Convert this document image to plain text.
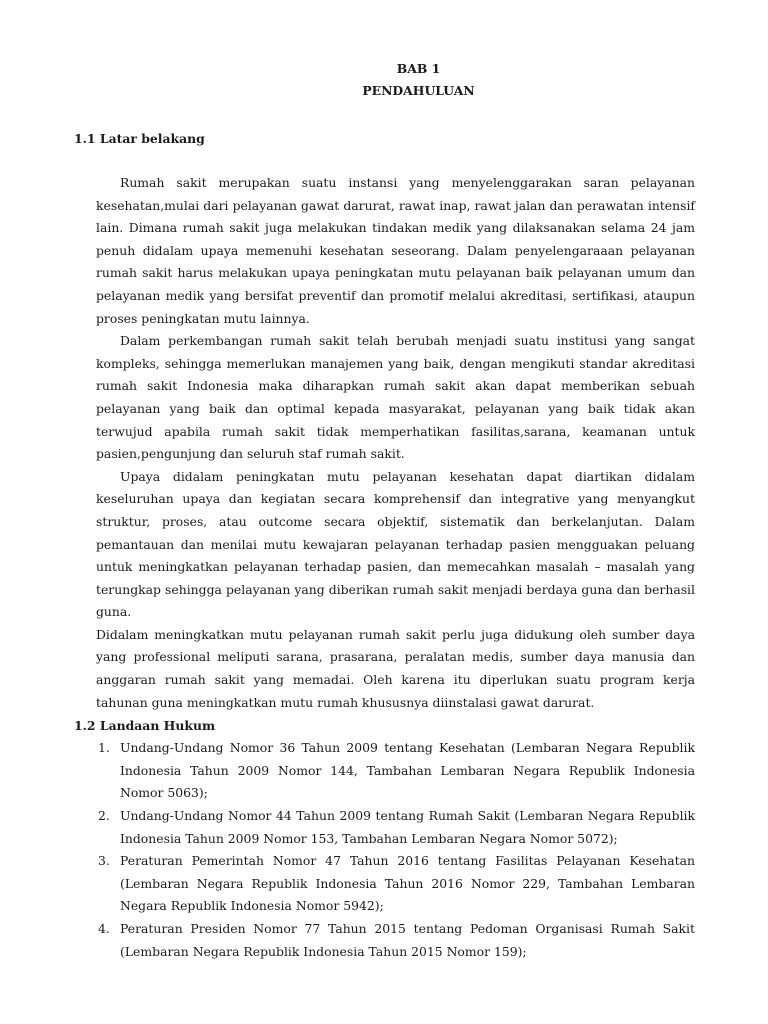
BAB 1

PENDAHULUAN

1.1 Latar belakang

Rumah sakit merupakan suatu instansi yang menyelenggarakan saran pelayanan kesehatan,mulai dari pelayanan gawat darurat, rawat inap, rawat jalan dan perawatan intensif lain. Dimana rumah sakit juga melakukan tindakan medik yang dilaksanakan selama 24 jam penuh didalam upaya memenuhi kesehatan seseorang. Dalam penyelengaraaan pelayanan rumah sakit harus melakukan upaya peningkatan mutu pelayanan baik pelayanan umum dan pelayanan medik yang bersifat preventif dan promotif melalui akreditasi, sertifikasi, ataupun proses peningkatan mutu lainnya.

Dalam perkembangan rumah sakit telah berubah menjadi suatu institusi yang sangat kompleks, sehingga memerlukan manajemen yang baik, dengan mengikuti standar akreditasi rumah sakit Indonesia maka diharapkan rumah sakit akan dapat memberikan sebuah pelayanan yang baik dan optimal kepada masyarakat, pelayanan yang baik tidak akan terwujud apabila rumah sakit tidak memperhatikan fasilitas,sarana, keamanan untuk pasien,pengunjung dan seluruh staf rumah sakit.

Upaya didalam peningkatan mutu pelayanan kesehatan dapat diartikan didalam keseluruhan upaya dan kegiatan secara komprehensif dan integrative yang menyangkut struktur, proses, atau outcome secara objektif, sistematik dan berkelanjutan. Dalam pemantauan dan menilai mutu kewajaran pelayanan terhadap pasien mengguakan peluang untuk meningkatkan pelayanan terhadap pasien, dan memecahkan masalah – masalah yang terungkap sehingga pelayanan yang diberikan rumah sakit menjadi berdaya guna dan berhasil guna.

Didalam meningkatkan mutu pelayanan rumah sakit perlu juga didukung oleh sumber daya yang professional meliputi sarana, prasarana, peralatan medis, sumber daya manusia dan anggaran rumah sakit yang memadai. Oleh karena itu diperlukan suatu program kerja tahunan guna meningkatkan mutu rumah khususnya diinstalasi gawat darurat.

1.2 Landaan Hukum

1. Undang-Undang Nomor 36 Tahun 2009 tentang Kesehatan (Lembaran Negara Republik Indonesia Tahun 2009 Nomor 144, Tambahan Lembaran Negara Republik Indonesia Nomor 5063);
2. Undang-Undang Nomor 44 Tahun 2009 tentang Rumah Sakit (Lembaran Negara Republik Indonesia Tahun 2009 Nomor 153, Tambahan Lembaran Negara Nomor 5072);
3. Peraturan Pemerintah Nomor 47 Tahun 2016 tentang Fasilitas Pelayanan Kesehatan (Lembaran Negara Republik Indonesia Tahun 2016 Nomor 229, Tambahan Lembaran Negara Republik Indonesia Nomor 5942);
4. Peraturan Presiden Nomor 77 Tahun 2015 tentang Pedoman Organisasi Rumah Sakit (Lembaran Negara Republik Indonesia Tahun 2015 Nomor 159);
